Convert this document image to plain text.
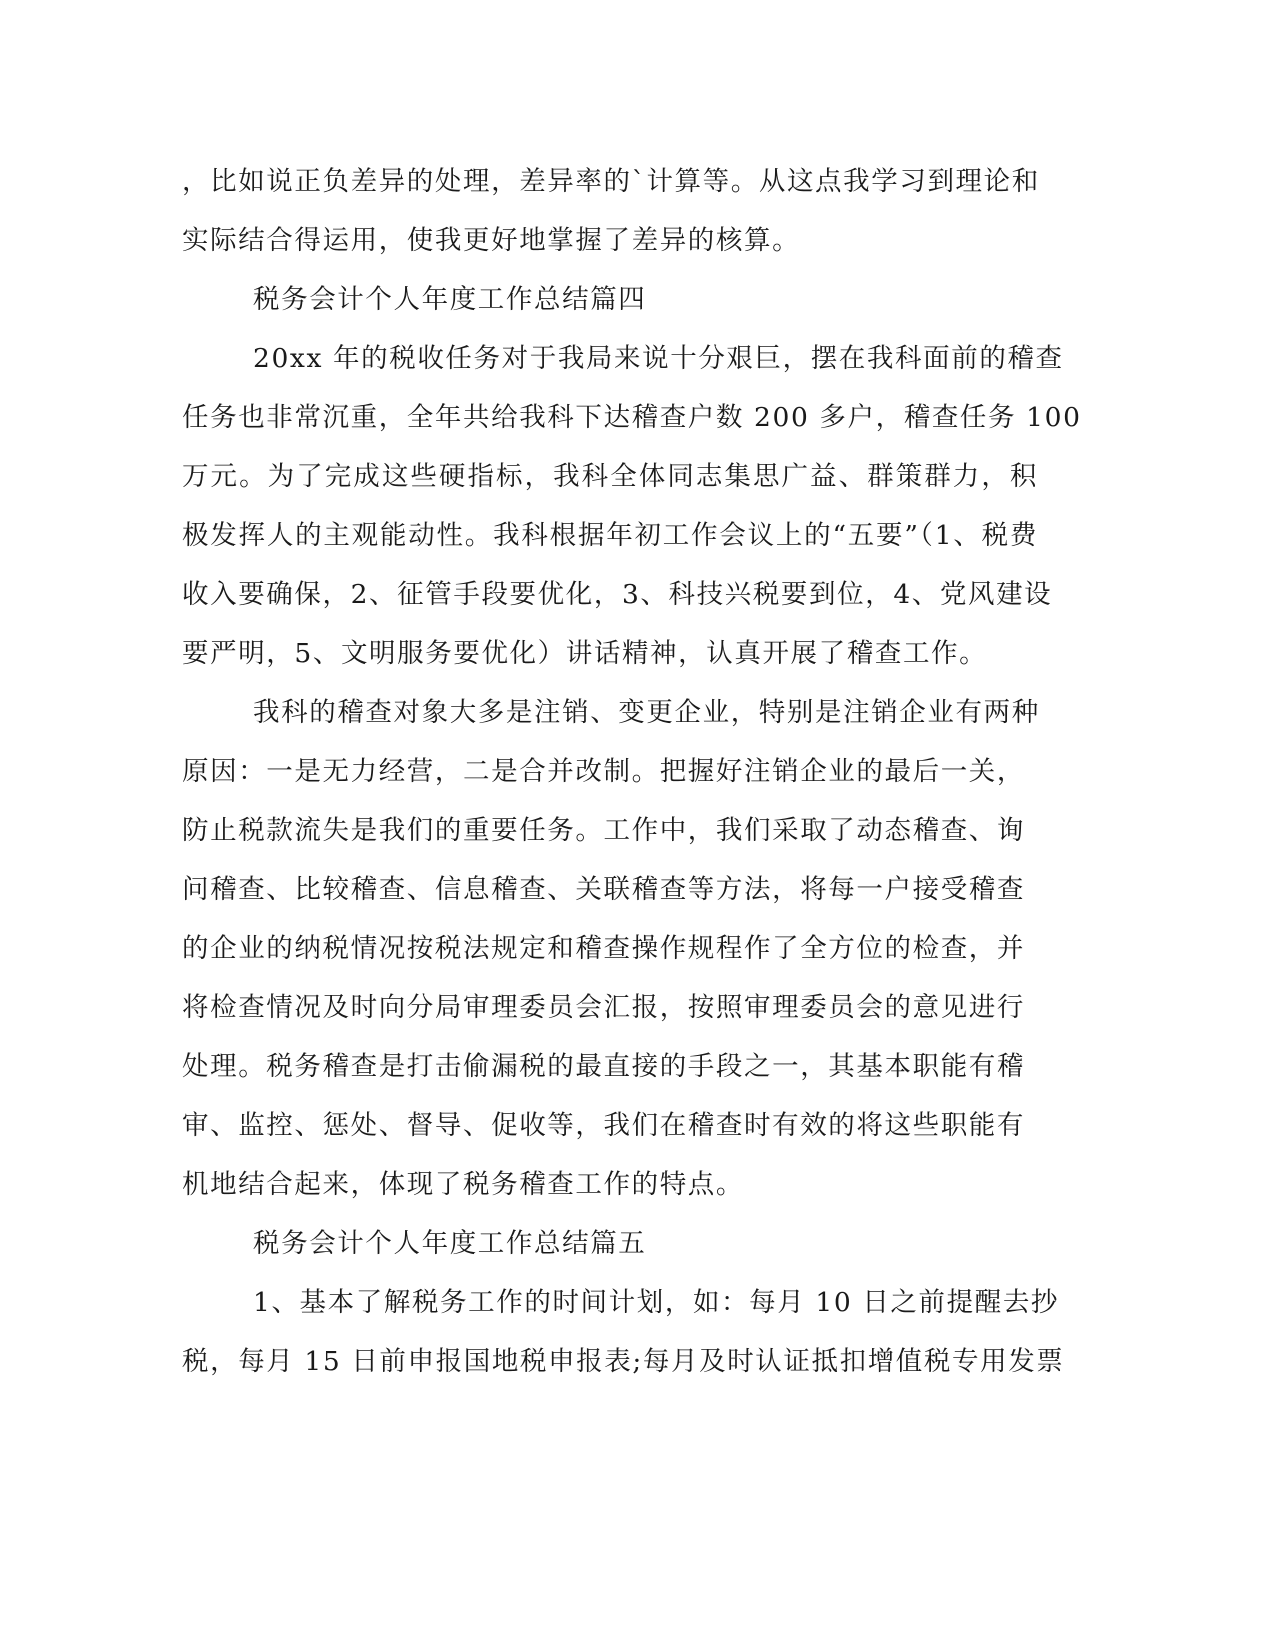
，比如说正负差异的处理，差异率的`计算等。从这点我学习到理论和
实际结合得运用，使我更好地掌握了差异的核算。
税务会计个人年度工作总结篇四
20xx 年的税收任务对于我局来说十分艰巨，摆在我科面前的稽查
任务也非常沉重，全年共给我科下达稽查户数 200 多户，稽查任务 100
万元。为了完成这些硬指标，我科全体同志集思广益、群策群力，积
极发挥人的主观能动性。我科根据年初工作会议上的“五要”（1、税费
收入要确保，2、征管手段要优化，3、科技兴税要到位，4、党风建设
要严明，5、文明服务要优化）讲话精神，认真开展了稽查工作。
我科的稽查对象大多是注销、变更企业，特别是注销企业有两种
原因：一是无力经营，二是合并改制。把握好注销企业的最后一关，
防止税款流失是我们的重要任务。工作中，我们采取了动态稽查、询
问稽查、比较稽查、信息稽查、关联稽查等方法，将每一户接受稽查
的企业的纳税情况按税法规定和稽查操作规程作了全方位的检查，并
将检查情况及时向分局审理委员会汇报，按照审理委员会的意见进行
处理。税务稽查是打击偷漏税的最直接的手段之一，其基本职能有稽
审、监控、惩处、督导、促收等，我们在稽查时有效的将这些职能有
机地结合起来，体现了税务稽查工作的特点。
税务会计个人年度工作总结篇五
1、基本了解税务工作的时间计划，如：每月 10 日之前提醒去抄
税，每月 15 日前申报国地税申报表;每月及时认证抵扣增值税专用发票
